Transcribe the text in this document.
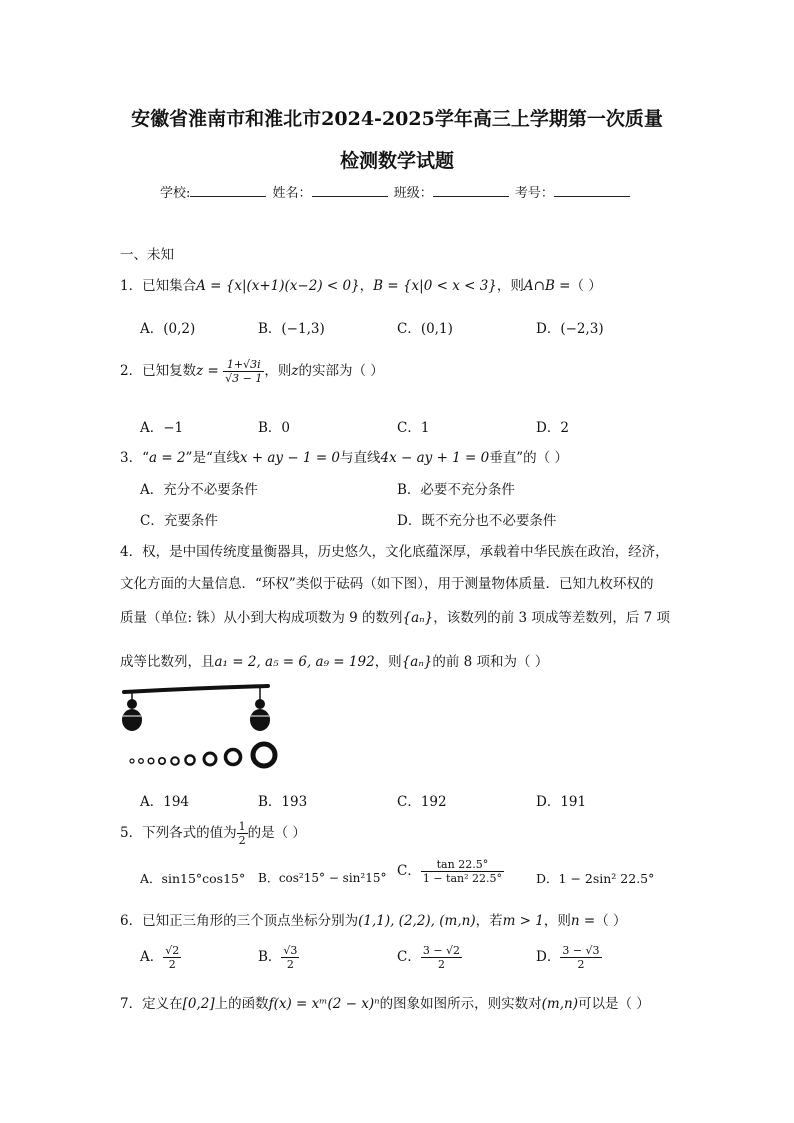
安徽省淮南市和淮北市2024-2025学年高三上学期第一次质量
检测数学试题
学校:	姓名：	班级：	考号：
一、未知
1．已知集合A = {x|(x+1)(x−2) < 0}，B = {x|0 < x < 3}，则A∩B =（ ）
A．(0,2)	B．(−1,3)	C．(0,1)	D．(−2,3)
2．已知复数$z = \frac{1+√3i}{√3 - 1}$ ，则z的实部为（ ）
A．−1	B．0	C．1	D．2
3．“a = 2”是“直线x + ay − 1 = 0与直线4x − ay + 1 = 0垂直”的（ ）
A．充分不必要条件	B．必要不充分条件
C．充要条件	D．既不充分也不必要条件
4．权，是中国传统度量衡器具，历史悠久，文化底蕴深厚，承载着中华民族在政治，经济，
文化方面的大量信息．“环权”类似于砝码（如下图），用于测量物体质量．已知九枚环权的
质量（单位: 铢）从小到大构成项数为 9 的数列{aₙ}，该数列的前 3 项成等差数列，后 7 项
成等比数列，且a₁ = 2, a₅ = 6, a₉ = 192，则{aₙ}的前 8 项和为（ ）
A．194	B．193	C．192	D．191
5．下列各式的值为 $\frac{1}{2}$ 的是（ ）
A．sin15°cos15° B．cos²15° − sin²15° C． $\frac{\tan 22.5^\circ}{\text{1 − tan² 22.5°}}$	D．1 − 2sin² 22.5°
6．已知正三角形的三个顶点坐标分别为(1,1), (2,2), (m,n)，若m > 1，则n =（ ）
A． $\frac{√2}{2}$	B． $\frac{√3}{2}$	C． $\frac{3 - √2}{2}$	D． $\frac{3 - √3}{2}$
7．定义在[0,2]上的函数f(x) = xᵐ(2 − x)ⁿ的图象如图所示，则实数对(m,n)可以是（ ）
